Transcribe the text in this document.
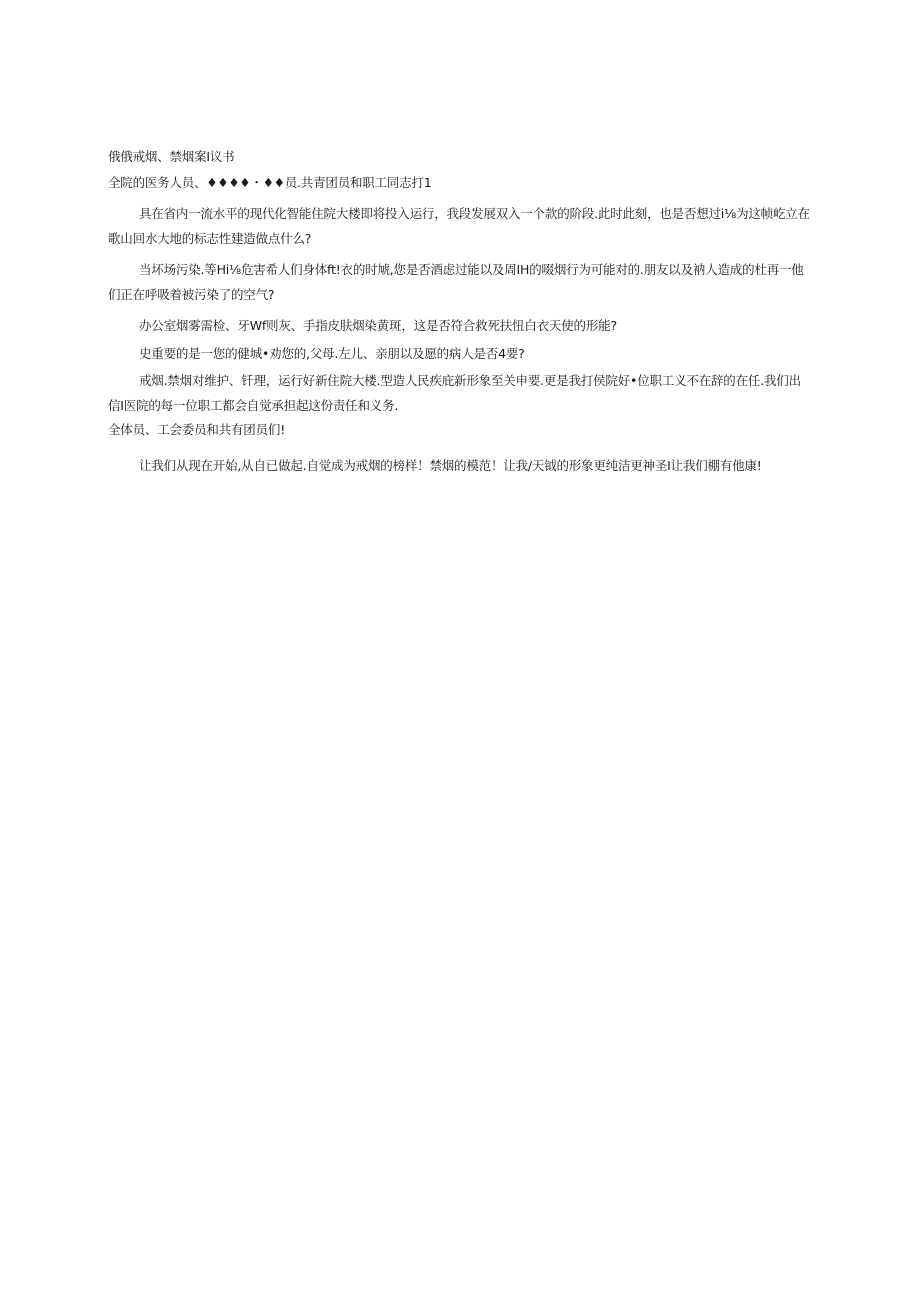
俄俄戒烟、禁烟案I议书

全院的医务人员、♦♦♦♦・♦♦员.共青团员和职工同志打1

具在省内一流水平的现代化智能住院大楼即将投入运行，我段发展双入一个款的阶段.此时此刻，也是否想过i⅛为这帧屹立在歌山回水大地的标志性建造做点什么?

当坏场污染.等Hi⅛危害希人们身体ft!衣的时虓,您是否酒虑过能以及周IH的啜烟行为可能对的.朋友以及衲人造成的杜再一他们正在呼吸着被污染了的空气?

办公室烟雾需检、牙Wf则灰、手指皮肤烟染黄斑，这是否符合救死扶忸白衣天使的形能?

史重要的是一您的健城•劝您的,父母.左儿、亲朋以及愿的病人是否4要?

戒烟.禁烟对维护、钎理，运行好新住院大楼.型造人民疾庇新形象至关申要.更是我打侯院好•位职工义不在辞的在任.我们出信I医院的每一位职工都会自觉承担起这份责任和义务.

全体员、工会委员和共有团员们!

让我们从现在开始,从自已做起.自觉成为戒烟的榜样！禁烟的模范！让我/天钺的形象更纯洁更神圣I让我们棚有他康!
